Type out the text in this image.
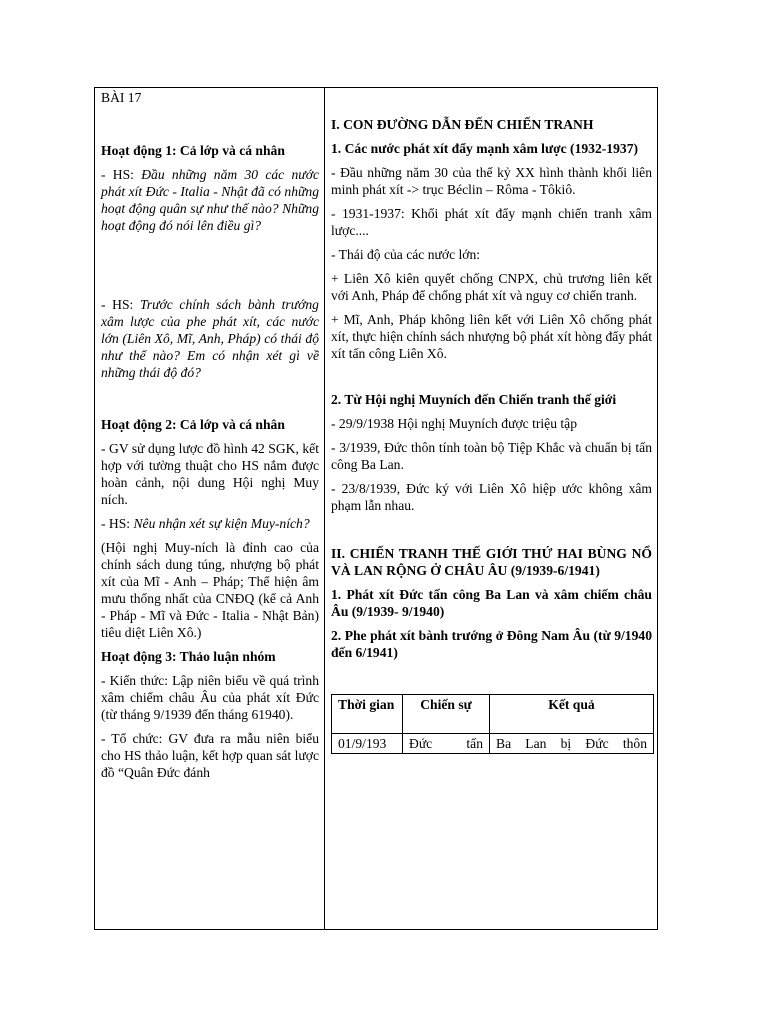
BÀI 17

Hoạt động 1: Cả lớp và cá nhân

- HS: Đầu những năm 30 các nước phát xít Đức - Italia - Nhật đã có những hoạt động quân sự như thế nào? Những hoạt động đó nói lên điều gì?

- HS: Trước chính sách bành trướng xâm lược của phe phát xít, các nước lớn (Liên Xô, Mĩ, Anh, Pháp) có thái độ như thế nào? Em có nhận xét gì về những thái độ đó?

Hoạt động 2: Cả lớp và cá nhân

- GV sử dụng lược đồ hình 42 SGK, kết hợp với tường thuật cho HS nắm được hoàn cảnh, nội dung Hội nghị Muy ních.

- HS: Nêu nhận xét sự kiện Muy-ních?

(Hội nghị Muy-ních là đỉnh cao của chính sách dung túng, nhượng bộ phát xít của Mĩ - Anh – Pháp; Thể hiện âm mưu thống nhất của CNĐQ (kể cả Anh - Pháp - Mĩ và Đức - Italia - Nhật Bản) tiêu diệt Liên Xô.)

Hoạt động 3: Thảo luận nhóm

- Kiến thức: Lập niên biểu về quá trình xâm chiếm châu Âu của phát xít Đức (từ tháng 9/1939 đến tháng 61940).

- Tổ chức: GV đưa ra mẫu niên biểu cho HS thảo luận, kết hợp quan sát lược đồ “Quân Đức đánh

I. CON ĐƯỜNG DẪN ĐẾN CHIẾN TRANH

1. Các nước phát xít đẩy mạnh xâm lược (1932-1937)

- Đầu những năm 30 của thế kỷ XX hình thành khối liên minh phát xít -> trục Béclin – Rôma - Tôkiô.

- 1931-1937: Khối phát xít đẩy mạnh chiến tranh xâm lược....

- Thái độ của các nước lớn:

+ Liên Xô kiên quyết chống CNPX, chủ trương liên kết với Anh, Pháp để chống phát xít và nguy cơ chiến tranh.

+ Mĩ, Anh, Pháp không liên kết với Liên Xô chống phát xít, thực hiện chính sách nhượng bộ phát xít hòng đẩy phát xít tấn công Liên Xô.

2. Từ Hội nghị Muyních đến Chiến tranh thế giới

- 29/9/1938 Hội nghị Muyních được triệu tập

- 3/1939, Đức thôn tính toàn bộ Tiệp Khắc và chuẩn bị tấn công Ba Lan.

- 23/8/1939, Đức ký với Liên Xô hiệp ước không xâm phạm lẫn nhau.

II. CHIẾN TRANH THẾ GIỚI THỨ HAI BÙNG NỔ VÀ LAN RỘNG Ở CHÂU ÂU (9/1939-6/1941)

1. Phát xít Đức tấn công Ba Lan và xâm chiếm châu Âu (9/1939- 9/1940)

2. Phe phát xít bành trướng ở Đông Nam Âu (từ 9/1940 đến 6/1941)

Thời gian	Chiến sự	Kết quả
01/9/193	Đức tấn	Ba Lan bị Đức thôn
